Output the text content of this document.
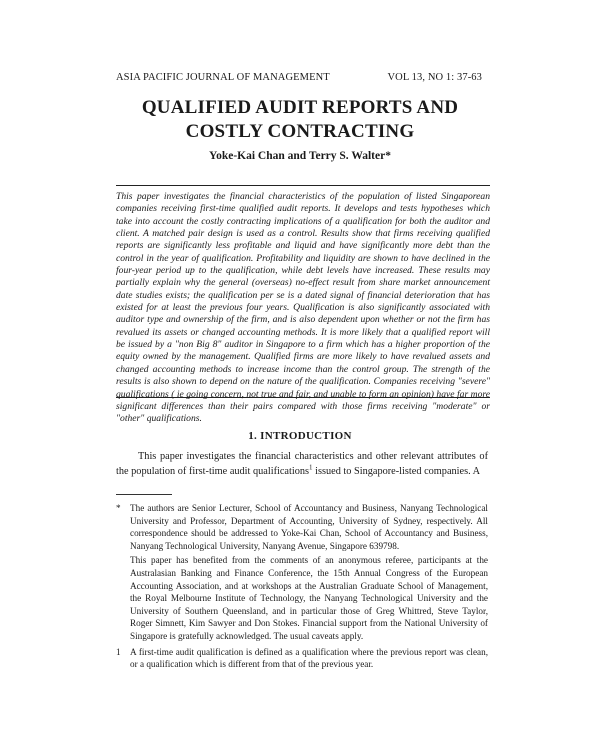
ASIA PACIFIC JOURNAL OF MANAGEMENT	VOL 13, NO 1: 37-63
QUALIFIED AUDIT REPORTS AND
COSTLY CONTRACTING
Yoke-Kai Chan and Terry S. Walter*
This paper investigates the financial characteristics of the population of listed Singaporean companies receiving first-time qualified audit reports. It develops and tests hypotheses which take into account the costly contracting implications of a qualification for both the auditor and client. A matched pair design is used as a control. Results show that firms receiving qualified reports are significantly less profitable and liquid and have significantly more debt than the control in the year of qualification. Profitability and liquidity are shown to have declined in the four-year period up to the qualification, while debt levels have increased. These results may partially explain why the general (overseas) no-effect result from share market announcement date studies exists; the qualification per se is a dated signal of financial deterioration that has existed for at least the previous four years. Qualification is also significantly associated with auditor type and ownership of the firm, and is also dependent upon whether or not the firm has revalued its assets or changed accounting methods. It is more likely that a qualified report will be issued by a "non Big 8" auditor in Singapore to a firm which has a higher proportion of the equity owned by the management. Qualified firms are more likely to have revalued assets and changed accounting methods to increase income than the control group. The strength of the results is also shown to depend on the nature of the qualification. Companies receiving "severe" qualifications ( ie going concern, not true and fair, and unable to form an opinion) have far more significant differences than their pairs compared with those firms receiving "moderate" or "other" qualifications.
1. INTRODUCTION
This paper investigates the financial characteristics and other relevant attributes of the population of first-time audit qualifications$^1$ issued to Singapore-listed companies. A
*	The authors are Senior Lecturer, School of Accountancy and Business, Nanyang Technological University and Professor, Department of Accounting, University of Sydney, respectively. All correspondence should be addressed to Yoke-Kai Chan, School of Accountancy and Business, Nanyang Technological University, Nanyang Avenue, Singapore 639798.
This paper has benefited from the comments of an anonymous referee, participants at the Australasian Banking and Finance Conference, the 15th Annual Congress of the European Accounting Association, and at workshops at the Australian Graduate School of Management, the Royal Melbourne Institute of Technology, the Nanyang Technological University and the University of Southern Queensland, and in particular those of Greg Whittred, Steve Taylor, Roger Simnett, Kim Sawyer and Don Stokes. Financial support from the National University of Singapore is gratefully acknowledged. The usual caveats apply.
1	A first-time audit qualification is defined as a qualification where the previous report was clean, or a qualification which is different from that of the previous year.
